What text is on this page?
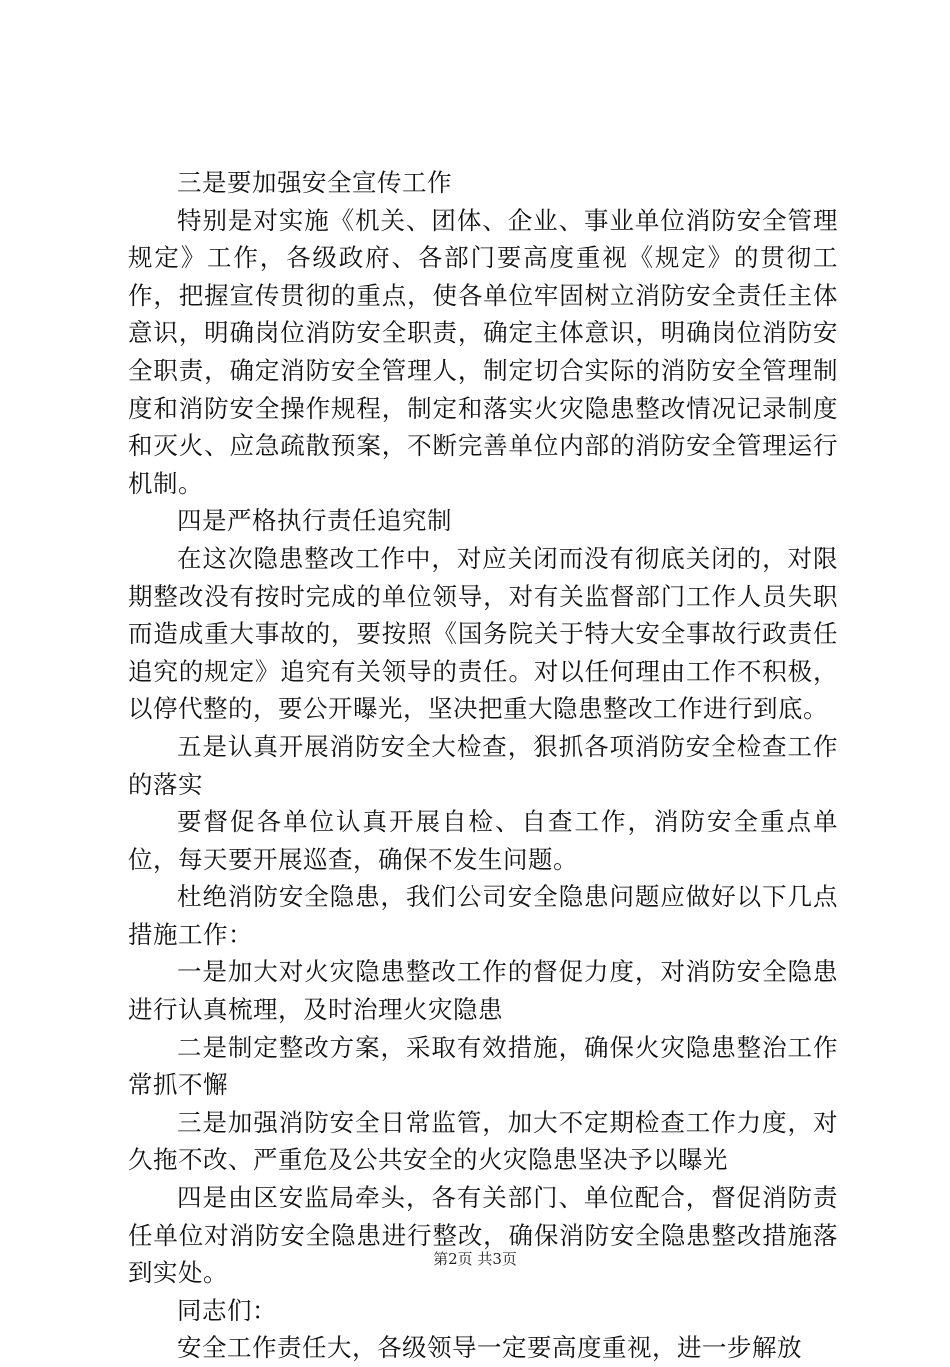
三是要加强安全宣传工作

特别是对实施《机关、团体、企业、事业单位消防安全管理规定》工作，各级政府、各部门要高度重视《规定》的贯彻工作，把握宣传贯彻的重点，使各单位牢固树立消防安全责任主体意识，明确岗位消防安全职责，确定主体意识，明确岗位消防安全职责，确定消防安全管理人，制定切合实际的消防安全管理制度和消防安全操作规程，制定和落实火灾隐患整改情况记录制度和灭火、应急疏散预案，不断完善单位内部的消防安全管理运行机制。

四是严格执行责任追究制

在这次隐患整改工作中，对应关闭而没有彻底关闭的，对限期整改没有按时完成的单位领导，对有关监督部门工作人员失职而造成重大事故的，要按照《国务院关于特大安全事故行政责任追究的规定》追究有关领导的责任。对以任何理由工作不积极，以停代整的，要公开曝光，坚决把重大隐患整改工作进行到底。

五是认真开展消防安全大检查，狠抓各项消防安全检查工作的落实

要督促各单位认真开展自检、自查工作，消防安全重点单位，每天要开展巡查，确保不发生问题。

杜绝消防安全隐患，我们公司安全隐患问题应做好以下几点措施工作：

一是加大对火灾隐患整改工作的督促力度，对消防安全隐患进行认真梳理，及时治理火灾隐患

二是制定整改方案，采取有效措施，确保火灾隐患整治工作常抓不懈

三是加强消防安全日常监管，加大不定期检查工作力度，对久拖不改、严重危及公共安全的火灾隐患坚决予以曝光

四是由区安监局牵头，各有关部门、单位配合，督促消防责任单位对消防安全隐患进行整改，确保消防安全隐患整改措施落到实处。

同志们：

安全工作责任大，各级领导一定要高度重视，进一步解放

第2页 共3页
